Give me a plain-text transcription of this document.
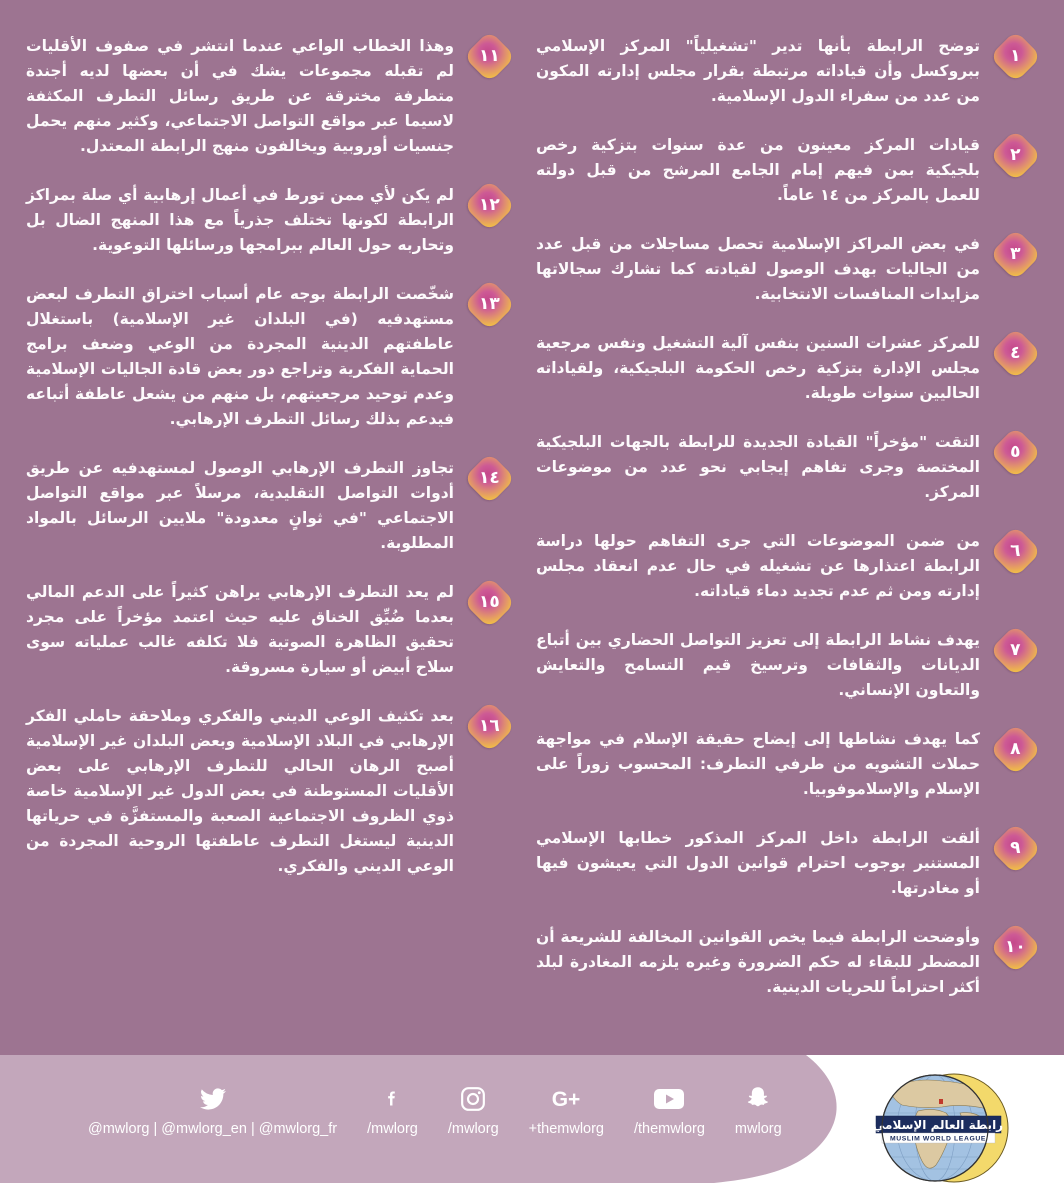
١
توضح الرابطة بأنها تدير "تشغيلياً" المركز الإسلامي ببروكسل وأن قياداته مرتبطة بقرار مجلس إدارته المكون من عدد من سفراء الدول الإسلامية.
٢
قيادات المركز معينون من عدة سنوات بتزكية رخص بلجيكية بمن فيهم إمام الجامع المرشح من قبل دولته للعمل بالمركز من ١٤ عاماً.
٣
في بعض المراكز الإسلامية تحصل مساجلات من قبل عدد من الجاليات بهدف الوصول لقيادته كما تشارك سجالاتها مزايدات المنافسات الانتخابية.
٤
للمركز عشرات السنين بنفس آلية التشغيل ونفس مرجعية مجلس الإدارة بتزكية رخص الحكومة البلجيكية، ولقياداته الحاليين سنوات طويلة.
٥
التقت "مؤخراً" القيادة الجديدة للرابطة بالجهات البلجيكية المختصة وجرى تفاهم إيجابي نحو عدد من موضوعات المركز.
٦
من ضمن الموضوعات التي جرى التفاهم حولها دراسة الرابطة اعتذارها عن تشغيله في حال عدم انعقاد مجلس إدارته ومن ثم عدم تجديد دماء قياداته.
٧
يهدف نشاط الرابطة إلى تعزيز التواصل الحضاري بين أتباع الديانات والثقافات وترسيخ قيم التسامح والتعايش والتعاون الإنساني.
٨
كما يهدف نشاطها إلى إيضاح حقيقة الإسلام في مواجهة حملات التشويه من طرفي التطرف: المحسوب زوراً على الإسلام والإسلاموفوبيا.
٩
ألقت الرابطة داخل المركز المذكور خطابها الإسلامي المستنير بوجوب احترام قوانين الدول التي يعيشون فيها أو مغادرتها.
١٠
وأوضحت الرابطة فيما يخص القوانين المخالفة للشريعة أن المضطر للبقاء له حكم الضرورة وغيره يلزمه المغادرة لبلد أكثر احتراماً للحريات الدينية.
١١
وهذا الخطاب الواعي عندما انتشر في صفوف الأقليات لم تقبله مجموعات يشك في أن بعضها لديه أجندة متطرفة مخترقة عن طريق رسائل التطرف المكثفة لاسيما عبر مواقع التواصل الاجتماعي، وكثير منهم يحمل جنسيات أوروبية ويخالفون منهج الرابطة المعتدل.
١٢
لم يكن لأي ممن تورط في أعمال إرهابية أي صلة بمراكز الرابطة لكونها تختلف جذرياً مع هذا المنهج الضال بل وتحاربه حول العالم ببرامجها ورسائلها التوعوية.
١٣
شخّصت الرابطة بوجه عام أسباب اختراق التطرف لبعض مستهدفيه (في البلدان غير الإسلامية) باستغلال عاطفتهم الدينية المجردة من الوعي وضعف برامج الحماية الفكرية وتراجع دور بعض قادة الجاليات الإسلامية وعدم توحيد مرجعيتهم، بل منهم من يشعل عاطفة أتباعه فيدعم بذلك رسائل التطرف الإرهابي.
١٤
تجاوز التطرف الإرهابي الوصول لمستهدفيه عن طريق أدوات التواصل التقليدية، مرسلاً عبر مواقع التواصل الاجتماعي "في ثوانٍ معدودة" ملايين الرسائل بالمواد المطلوبة.
١٥
لم يعد التطرف الإرهابي يراهن كثيراً على الدعم المالي بعدما ضُيِّق الخناق عليه حيث اعتمد مؤخراً على مجرد تحقيق الظاهرة الصوتية فلا تكلفه غالب عملياته سوى سلاح أبيض أو سيارة مسروقة.
١٦
بعد تكثيف الوعي الديني والفكري وملاحقة حاملي الفكر الإرهابي في البلاد الإسلامية وبعض البلدان غير الإسلامية أصبح الرهان الحالي للتطرف الإرهابي على بعض الأقليات المستوطنة في بعض الدول غير الإسلامية خاصة ذوي الظروف الاجتماعية الصعبة والمستفزَّة في حرياتها الدينية ليستغل التطرف عاطفتها الروحية المجردة من الوعي الديني والفكري.
@mwlorg | @mwlorg_en | @mwlorg_fr /mwlorg /mwlorg
G+
+themwlorg /themwlorg mwlorg	رابطة العالم الإسلامي
MUSLIM WORLD LEAGUE
